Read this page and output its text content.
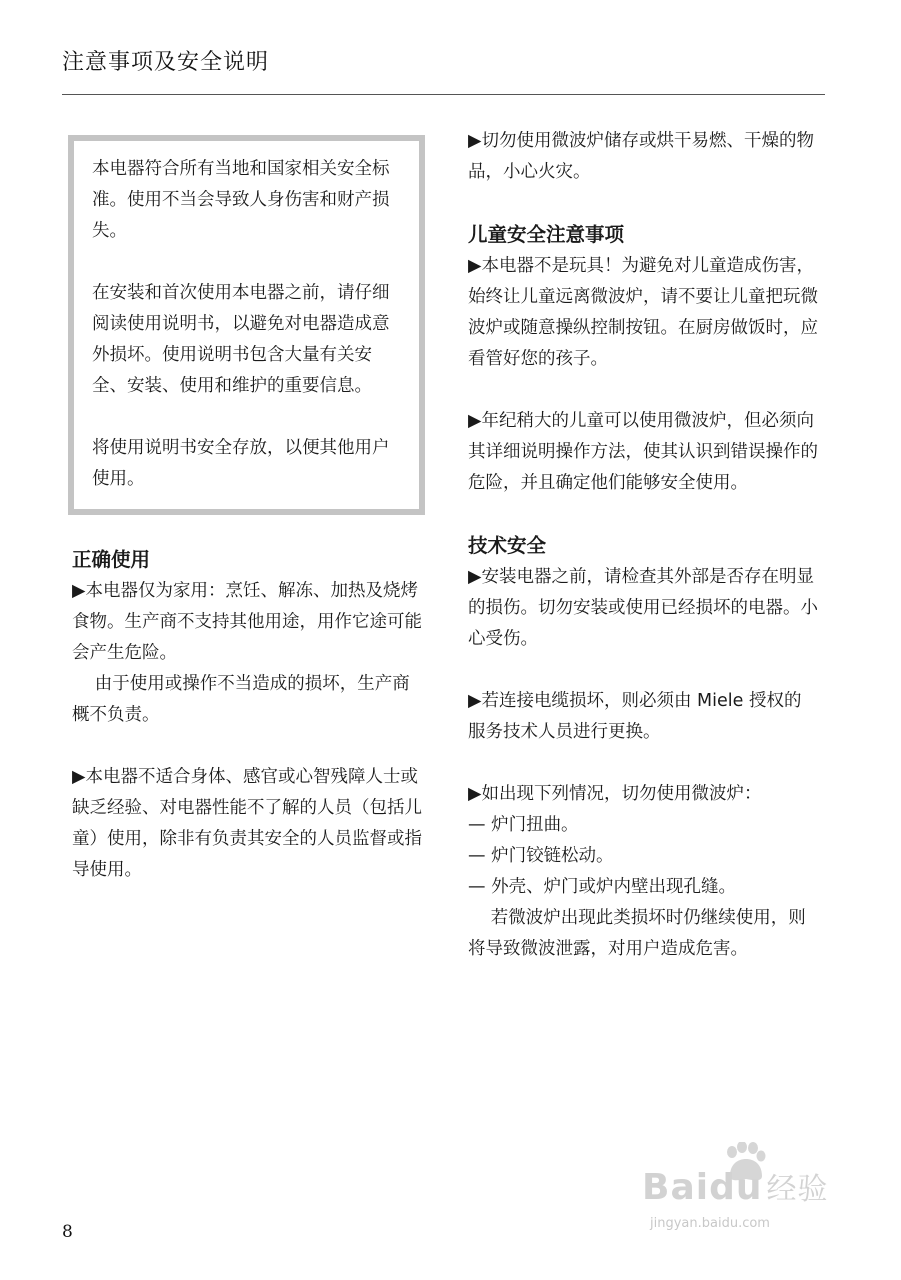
注意事项及安全说明

本电器符合所有当地和国家相关安全标准。使用不当会导致人身伤害和财产损失。

在安装和首次使用本电器之前，请仔细阅读使用说明书，以避免对电器造成意外损坏。使用说明书包含大量有关安全、安装、使用和维护的重要信息。

将使用说明书安全存放，以便其他用户使用。

正确使用

▶本电器仅为家用：烹饪、解冻、加热及烧烤食物。生产商不支持其他用途，用作它途可能会产生危险。

由于使用或操作不当造成的损坏，生产商概不负责。

▶本电器不适合身体、感官或心智残障人士或缺乏经验、对电器性能不了解的人员（包括儿童）使用，除非有负责其安全的人员监督或指导使用。

▶切勿使用微波炉储存或烘干易燃、干燥的物品，小心火灾。

儿童安全注意事项

▶本电器不是玩具！为避免对儿童造成伤害，始终让儿童远离微波炉，请不要让儿童把玩微波炉或随意操纵控制按钮。在厨房做饭时，应看管好您的孩子。

▶年纪稍大的儿童可以使用微波炉，但必须向其详细说明操作方法，使其认识到错误操作的危险，并且确定他们能够安全使用。

技术安全

▶安装电器之前，请检查其外部是否存在明显的损伤。切勿安装或使用已经损坏的电器。小心受伤。

▶若连接电缆损坏，则必须由 Miele 授权的服务技术人员进行更换。

▶如出现下列情况，切勿使用微波炉：

— 炉门扭曲。

— 炉门铰链松动。

— 外壳、炉门或炉内壁出现孔缝。

若微波炉出现此类损坏时仍继续使用，则将导致微波泄露，对用户造成危害。

8
Baidu 经验
jingyan.baidu.com
